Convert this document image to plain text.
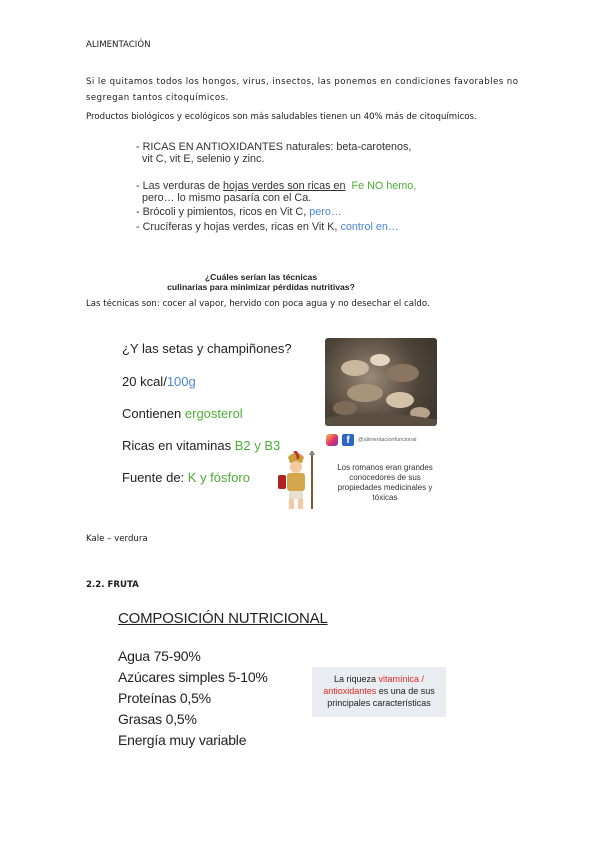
ALIMENTACIÓN
Si le quitamos todos los hongos, virus, insectos, las ponemos en condiciones favorables no segregan tantos citoquímicos.
Productos biológicos y ecológicos son más saludables tienen un 40% más de citoquímicos.
- RICAS EN ANTIOXIDANTES naturales: beta-carotenos,
vit C, vit E, selenio y zinc.
- Las verduras de hojas verdes son ricas en Fe NO hemo,
pero… lo mismo pasaría con el Ca.
- Brócoli y pimientos, ricos en Vit C, pero…
- Crucíferas y hojas verdes, ricas en Vit K, control en…
¿Cuáles serían las técnicas
culinarias para minimizar pérdidas nutritivas?
Las técnicas son: cocer al vapor, hervido con poca agua y no desechar el caldo.
¿Y las setas y champiñones?
20 kcal/100g
Contienen ergosterol
Ricas en vitaminas B2 y B3
Fuente de: K y fósforo
f @alimentacionfuncional
Los romanos eran grandes conocedores de sus propiedades medicinales y tóxicas
Kale – verdura
2.2. FRUTA
COMPOSICIÓN NUTRICIONAL
Agua 75-90%
Azúcares simples 5-10%
Proteínas 0,5%
Grasas 0,5%
Energía muy variable
La riqueza vitamínica /
antioxidantes es una de sus
principales características
